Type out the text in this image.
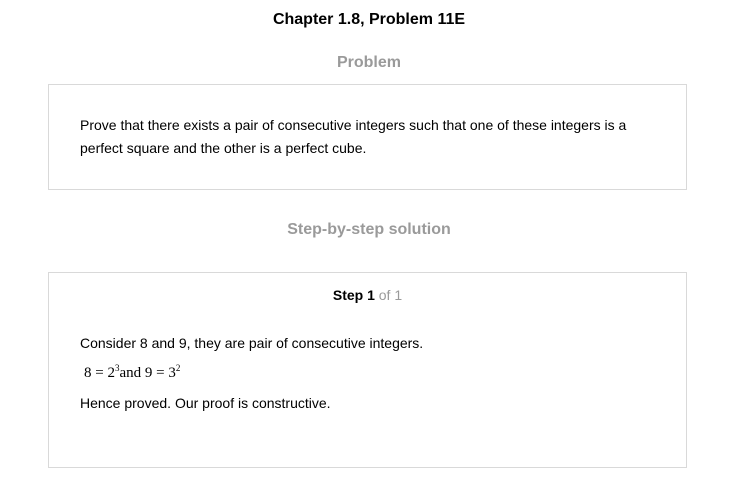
Chapter 1.8, Problem 11E
Problem
Prove that there exists a pair of consecutive integers such that one of these integers is a perfect square and the other is a perfect cube.
Step-by-step solution
Step 1 of 1
Consider 8 and 9, they are pair of consecutive integers.
$8 = 2^3and$ $9 = 3^2$
Hence proved. Our proof is constructive.
